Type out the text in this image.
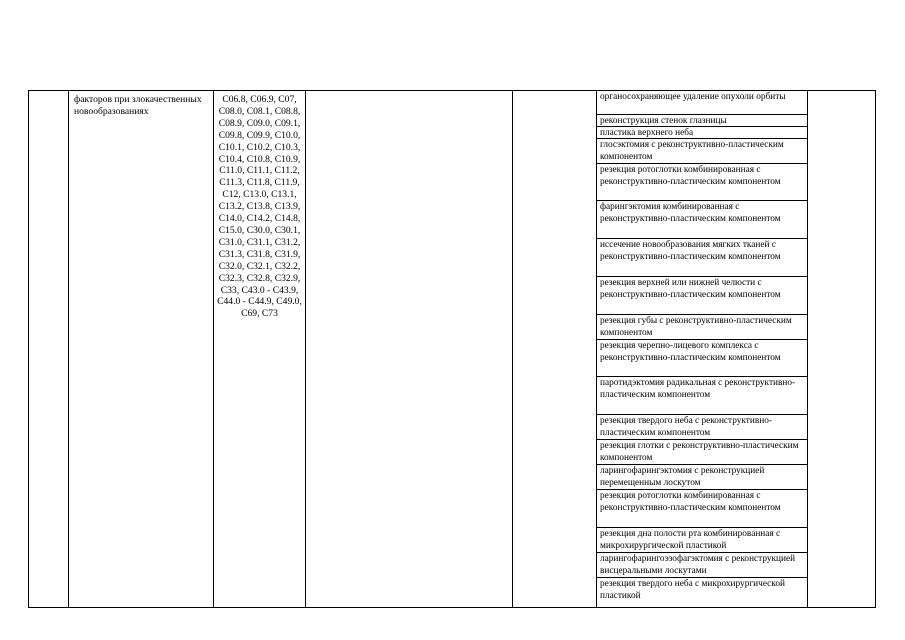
факторов при злокачественных новообразованиях
C06.8, C06.9, C07, C08.0, C08.1, C08.8, C08.9, C09.0, C09.1, C09.8, C09.9, C10.0, C10.1, C10.2, C10.3, C10.4, C10.8, C10.9, C11.0, C11.1, C11.2, C11.3, C11.8, C11.9, C12, C13.0, C13.1, C13.2, C13.8, C13.9, C14.0, C14.2, C14.8, C15.0, C30.0, C30.1, C31.0, C31.1, C31.2, C31.3, C31.8, C31.9, C32.0, C32.1, C32.2, C32.3, C32.8, C32.9, C33, C43.0 - C43.9, C44.0 - C44.9, C49.0, C69, C73
органосохраняющее удаление опухоли орбиты
реконструкция стенок глазницы
пластика верхнего неба
глосэктомия с реконструктивно-пластическим компонентом
резекция ротоглотки комбинированная с реконструктивно-пластическим компонентом
фарингэктомия комбинированная с реконструктивно-пластическим компонентом
иссечение новообразования мягких тканей с реконструктивно-пластическим компонентом
резекция верхней или нижней челюсти с реконструктивно-пластическим компонентом
резекция губы с реконструктивно-пластическим компонентом
резекция черепно-лицевого комплекса с реконструктивно-пластическим компонентом
паротидэктомия радикальная с реконструктивно-пластическим компонентом
резекция твердого неба с реконструктивно-пластическим компонентом
резекция глотки с реконструктивно-пластическим компонентом
ларингофарингэктомия с реконструкцией перемещенным лоскутом
резекция ротоглотки комбинированная с реконструктивно-пластическим компонентом
резекция дна полости рта комбинированная с микрохирургической пластикой
ларингофарингоэзофагэктомия с реконструкцией висцеральными лоскутами
резекция твердого неба с микрохирургической пластикой
